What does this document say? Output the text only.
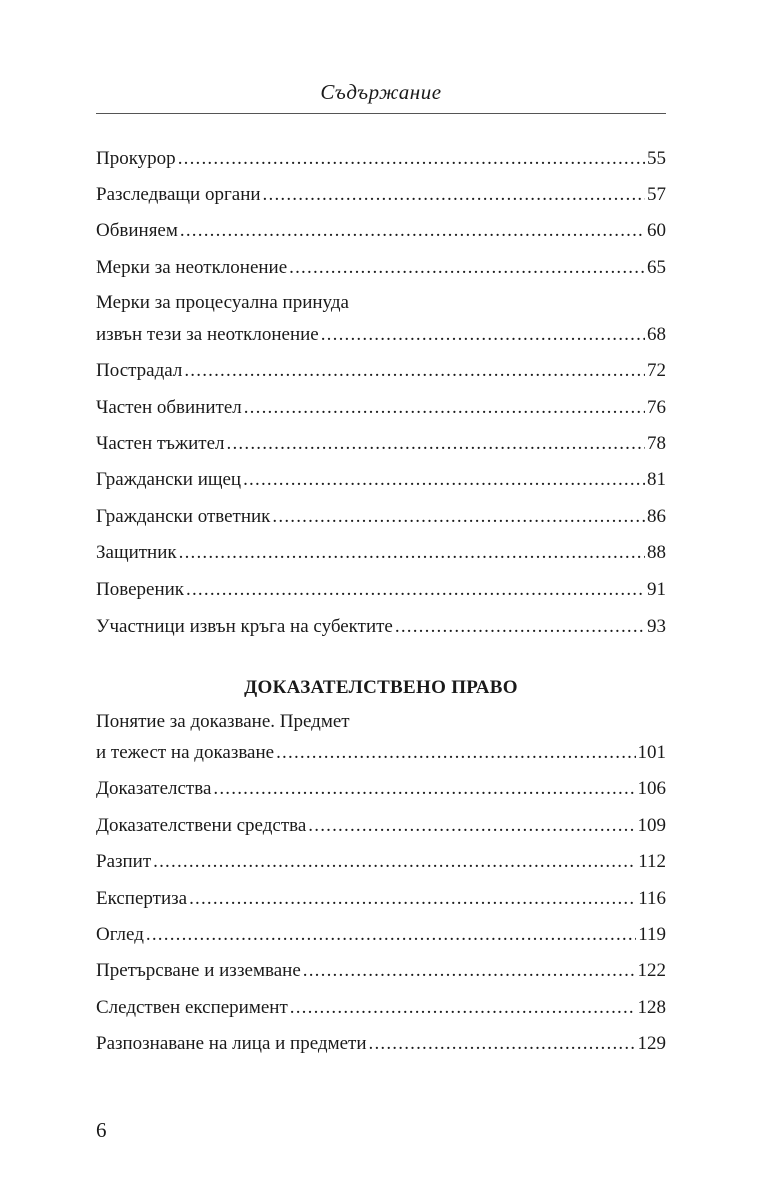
Съдържание
Прокурор .....	55
Разследващи органи .....	57
Обвиняем .....	60
Мерки за неотклонение .....	65
Мерки за процесуална принуда
извън тези за неотклонение .....	68
Пострадал .....	72
Частен обвинител .....	76
Частен тъжител .....	78
Граждански ищец .....	81
Граждански ответник .....	86
Защитник .....	88
Повереник .....	91
Участници извън кръга на субектите .....	93
ДОКАЗАТЕЛСТВЕНО ПРАВО
Понятие за доказване. Предмет
и тежест на доказване .....	101
Доказателства .....	106
Доказателствени средства .....	109
Разпит .....	112
Експертиза .....	116
Оглед .....	119
Претърсване и изземване .....	122
Следствен експеримент .....	128
Разпознаване на лица и предмети .....	129
6
